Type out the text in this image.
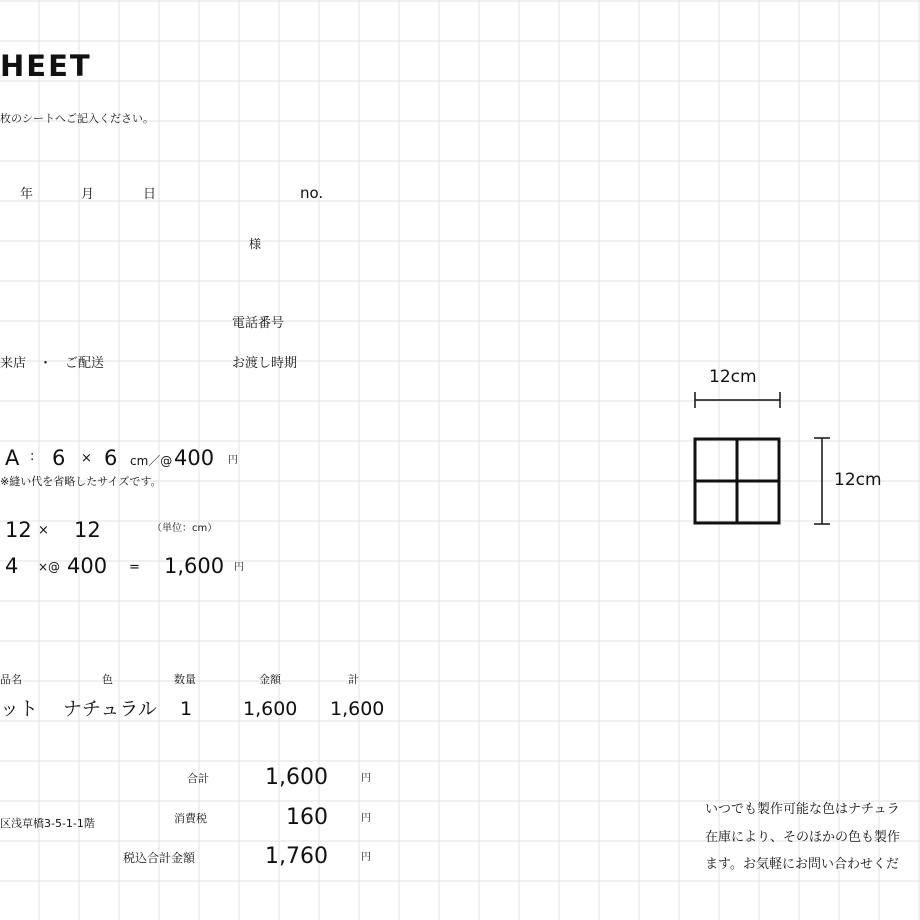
HEET
枚のシートへご記入ください。
年	月	日	no.
様
電話番号
来店　・　ご配送	お渡し時期
A : 6 × 6 cm／@ 400 円
※縫い代を省略したサイズです。
12 × 12	（単位：cm）
4 ×@ 400 = 1,600 円
品名	色	数量	金額	計
ット ナチュラル 1	1,600 1,600
合計	1,600	円
区浅草橋3-5-1-1階	消費税	160	円
税込合計金額	1,760	円
12cm
12cm
いつでも製作可能な色はナチュラ
在庫により、そのほかの色も製作
ます。お気軽にお問い合わせくだ
